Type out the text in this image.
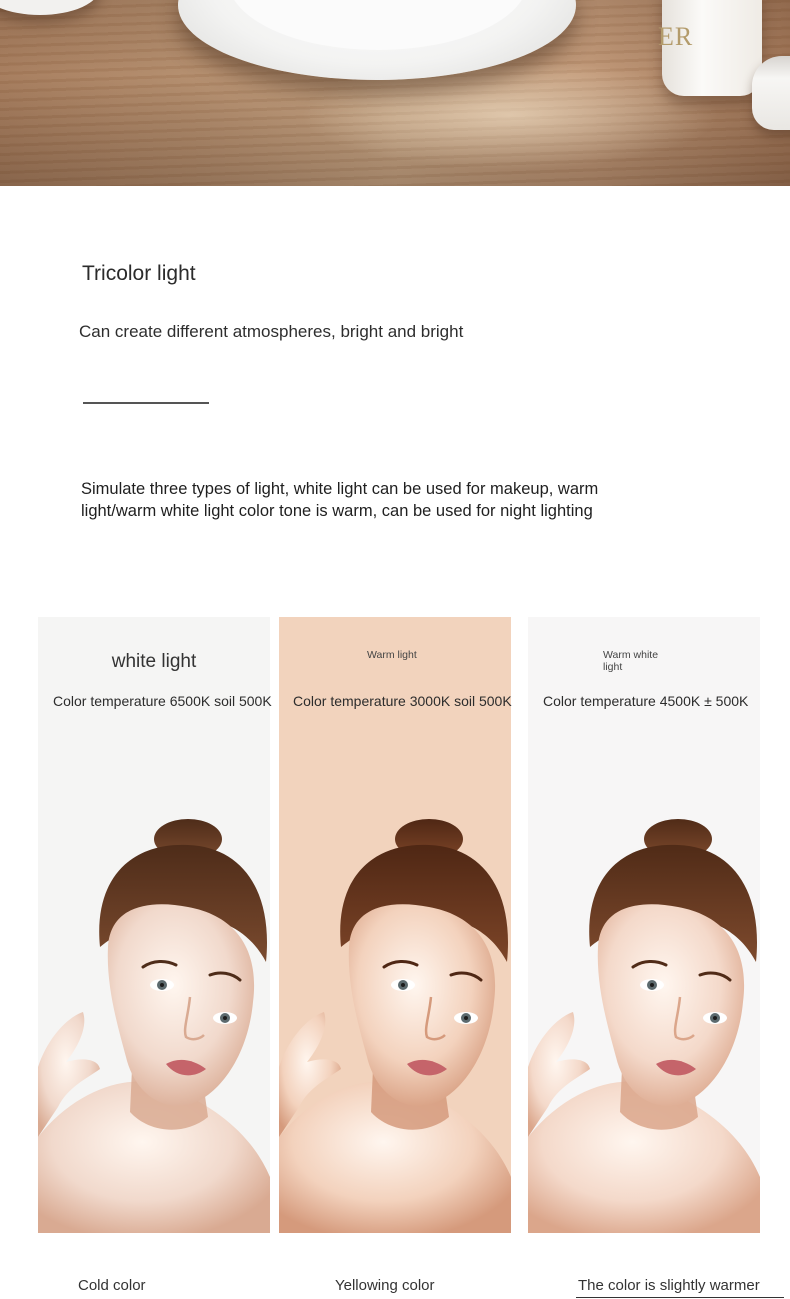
ER
Tricolor light
Can create different atmospheres, bright and bright
Simulate three types of light, white light can be used for makeup, warm light/warm white light color tone is warm, can be used for night lighting
white light	Warm light	Warm white light
Color temperature 6500K soil 500K Color temperature 3000K soil 500K Color temperature 4500K ± 500K
Cold color	Yellowing color	The color is slightly warmer
